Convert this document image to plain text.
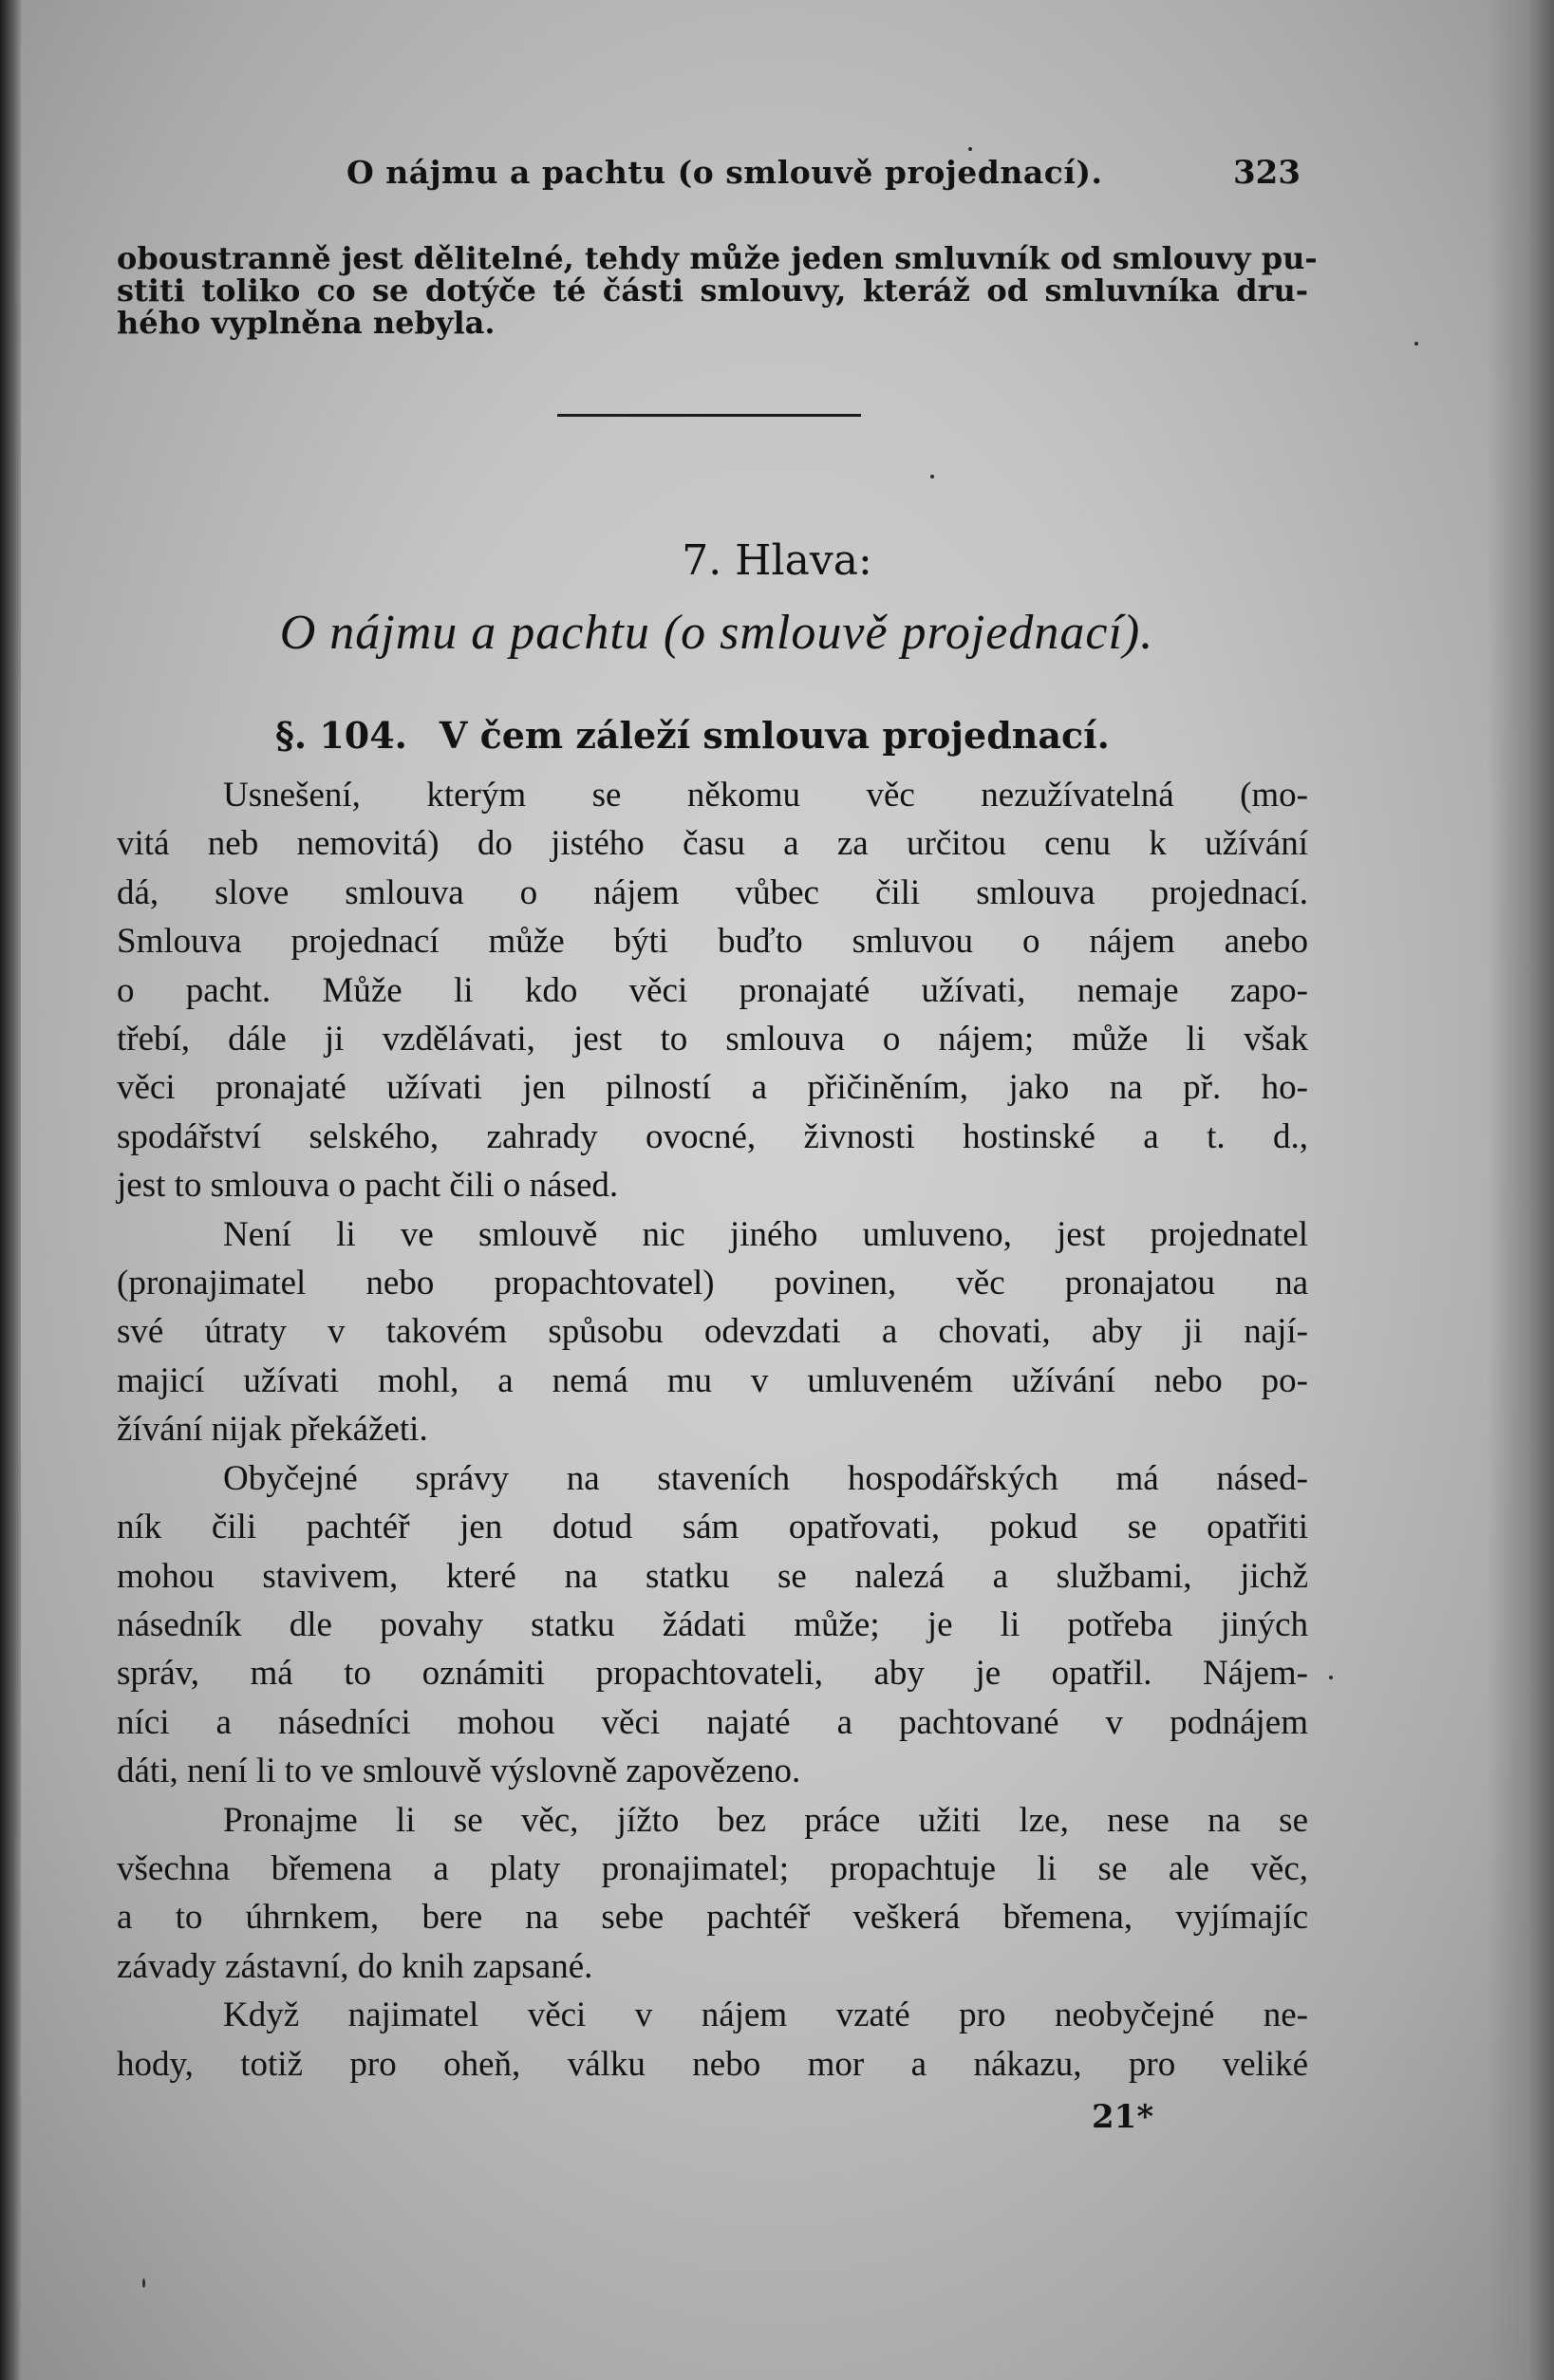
O nájmu a pachtu (o smlouvě projednací).	323
oboustranně jest dělitelné, tehdy může jeden smluvník od smlouvy pu-
stiti toliko co se dotýče té části smlouvy, kteráž od smluvníka dru-
hého vyplněna nebyla.
7. Hlava:
O nájmu a pachtu (o smlouvě projednací).
§. 104. V čem záleží smlouva projednací.
Usnešení, kterým se někomu věc nezužívatelná (mo-
vitá neb nemovitá) do jistého času a za určitou cenu k užívání
dá, slove smlouva o nájem vůbec čili smlouva projednací.
Smlouva projednací může býti buďto smluvou o nájem anebo
o pacht. Může li kdo věci pronajaté užívati, nemaje zapo-
třebí, dále ji vzdělávati, jest to smlouva o nájem; může li však
věci pronajaté užívati jen pilností a přičiněním, jako na př. ho-
spodářství selského, zahrady ovocné, živnosti hostinské a t. d.,
jest to smlouva o pacht čili o násed.
Není li ve smlouvě nic jiného umluveno, jest projednatel
(pronajimatel nebo propachtovatel) povinen, věc pronajatou na
své útraty v takovém spůsobu odevzdati a chovati, aby ji nají-
majicí užívati mohl, a nemá mu v umluveném užívání nebo po-
žívání nijak překážeti.
Obyčejné správy na staveních hospodářských má násed-
ník čili pachtéř jen dotud sám opatřovati, pokud se opatřiti
mohou stavivem, které na statku se nalezá a službami, jichž
násedník dle povahy statku žádati může; je li potřeba jiných
správ, má to oznámiti propachtovateli, aby je opatřil. Nájem-
níci a násedníci mohou věci najaté a pachtované v podnájem
dáti, není li to ve smlouvě výslovně zapovězeno.
Pronajme li se věc, jížto bez práce užiti lze, nese na se
všechna břemena a platy pronajimatel; propachtuje li se ale věc,
a to úhrnkem, bere na sebe pachtéř veškerá břemena, vyjímajíc
závady zástavní, do knih zapsané.
Když najimatel věci v nájem vzaté pro neobyčejné ne-
hody, totiž pro oheň, válku nebo mor a nákazu, pro veliké
21*
